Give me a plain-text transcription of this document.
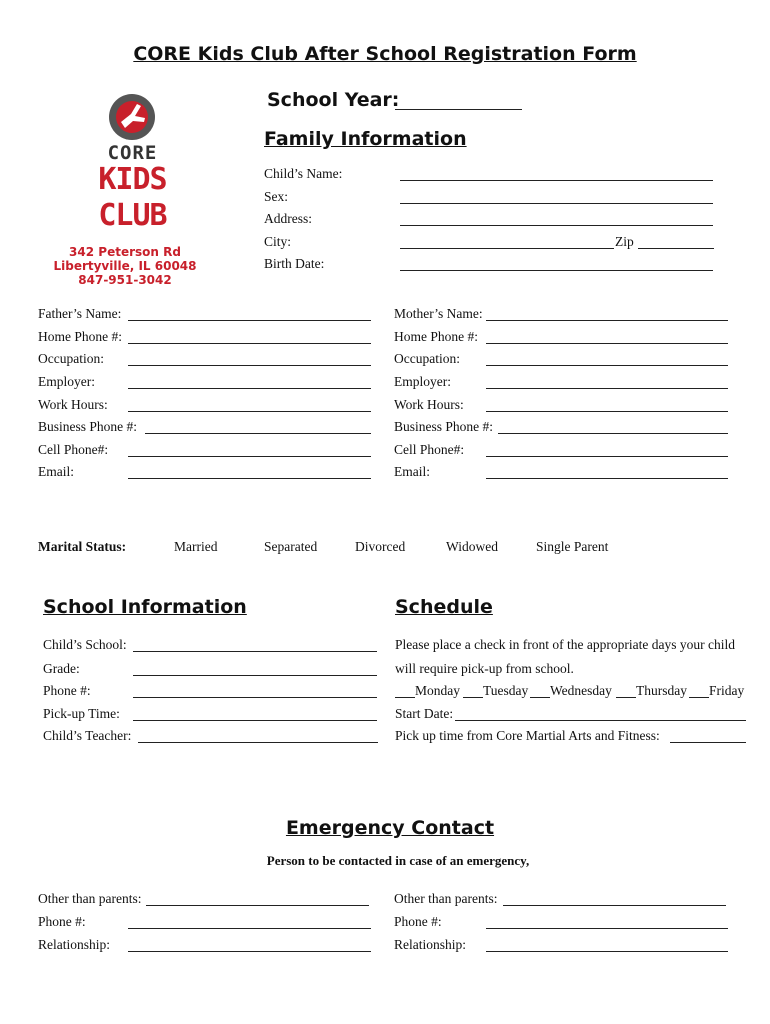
CORE Kids Club After School Registration Form
School Year:
CORE
KIDS
CLUB
342 Peterson Rd
Libertyville, IL 60048
847-951-3042
Family Information
Child’s Name:
Sex:
Address:
City:	Zip
Birth Date:
Father’s Name:
Home Phone #:
Occupation:
Employer:
Work Hours:
Business Phone #:
Cell Phone#:
Email:
Mother’s Name:
Home Phone #:
Occupation:
Employer:
Work Hours:
Business Phone #:
Cell Phone#:
Email:
Marital Status:	Married	Separated	Divorced	Widowed	Single Parent
School Information
Child’s School:
Grade:
Phone #:
Pick-up Time:
Child’s Teacher:
Schedule
Please place a check in front of the appropriate days your child
will require pick-up from school.
Monday Tuesday Wednesday Thursday Friday
Start Date:
Pick up time from Core Martial Arts and Fitness:
Emergency Contact
Person to be contacted in case of an emergency,
Other than parents:
Phone #:
Relationship:
Other than parents:
Phone #:
Relationship:
